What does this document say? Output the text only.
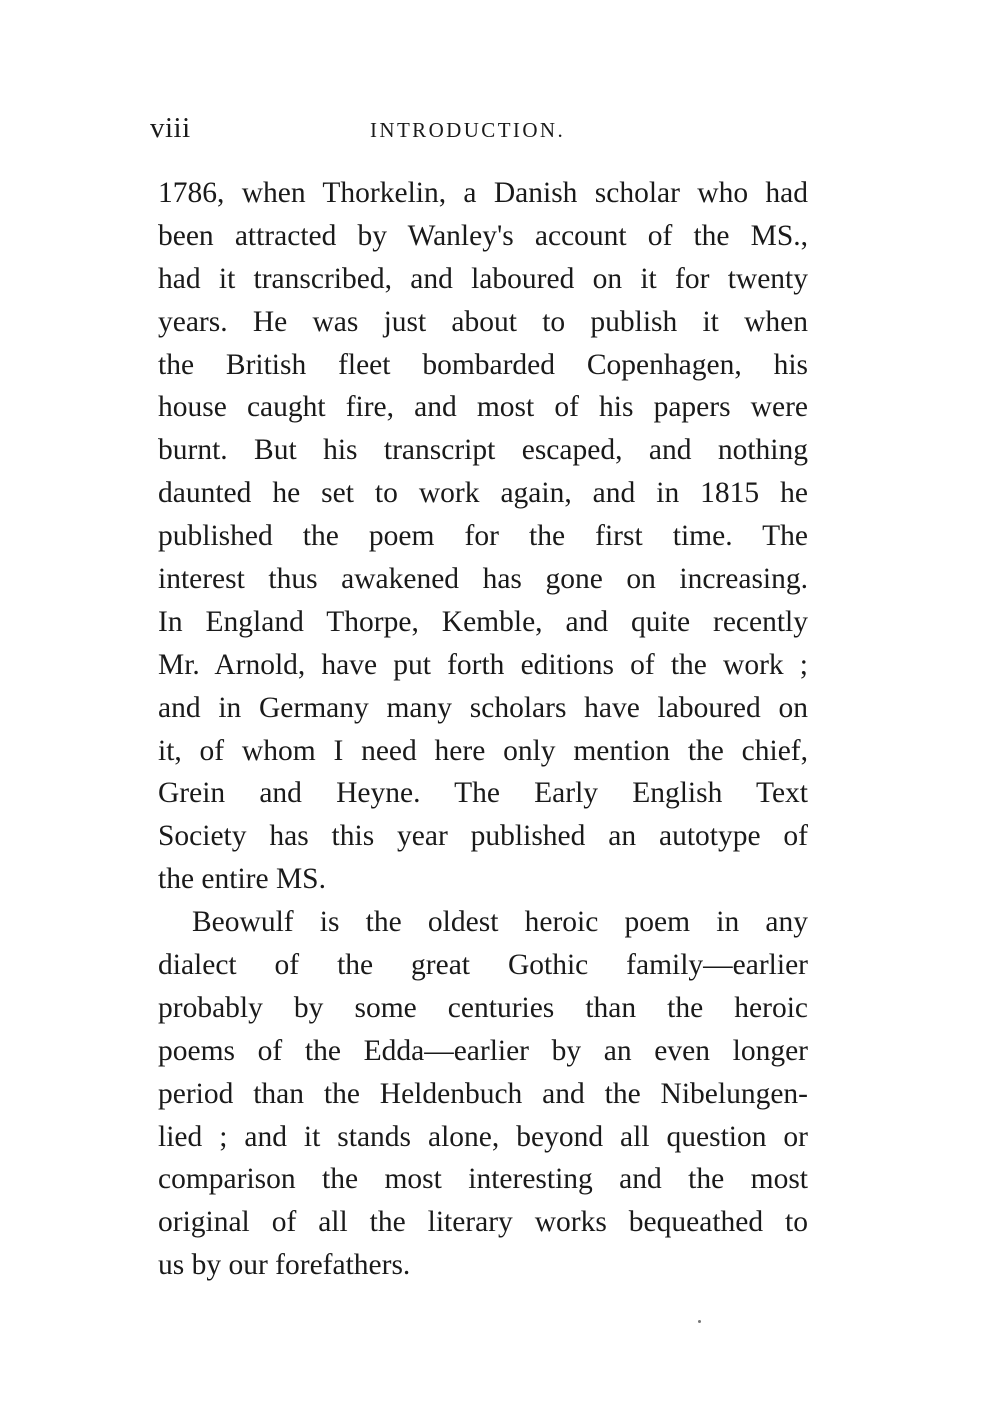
viii	INTRODUCTION.
1786, when Thorkelin, a Danish scholar who had
been attracted by Wanley's account of the MS.,
had it transcribed, and laboured on it for twenty
years. He was just about to publish it when
the British fleet bombarded Copenhagen, his
house caught fire, and most of his papers were
burnt. But his transcript escaped, and nothing
daunted he set to work again, and in 1815 he
published the poem for the first time. The
interest thus awakened has gone on increasing.
In England Thorpe, Kemble, and quite recently
Mr. Arnold, have put forth editions of the work ;
and in Germany many scholars have laboured on
it, of whom I need here only mention the chief,
Grein and Heyne. The Early English Text
Society has this year published an autotype of
the entire MS.
Beowulf is the oldest heroic poem in any
dialect of the great Gothic family—earlier
probably by some centuries than the heroic
poems of the Edda—earlier by an even longer
period than the Heldenbuch and the Nibelungen-
lied ; and it stands alone, beyond all question or
comparison the most interesting and the most
original of all the literary works bequeathed to
us by our forefathers.
